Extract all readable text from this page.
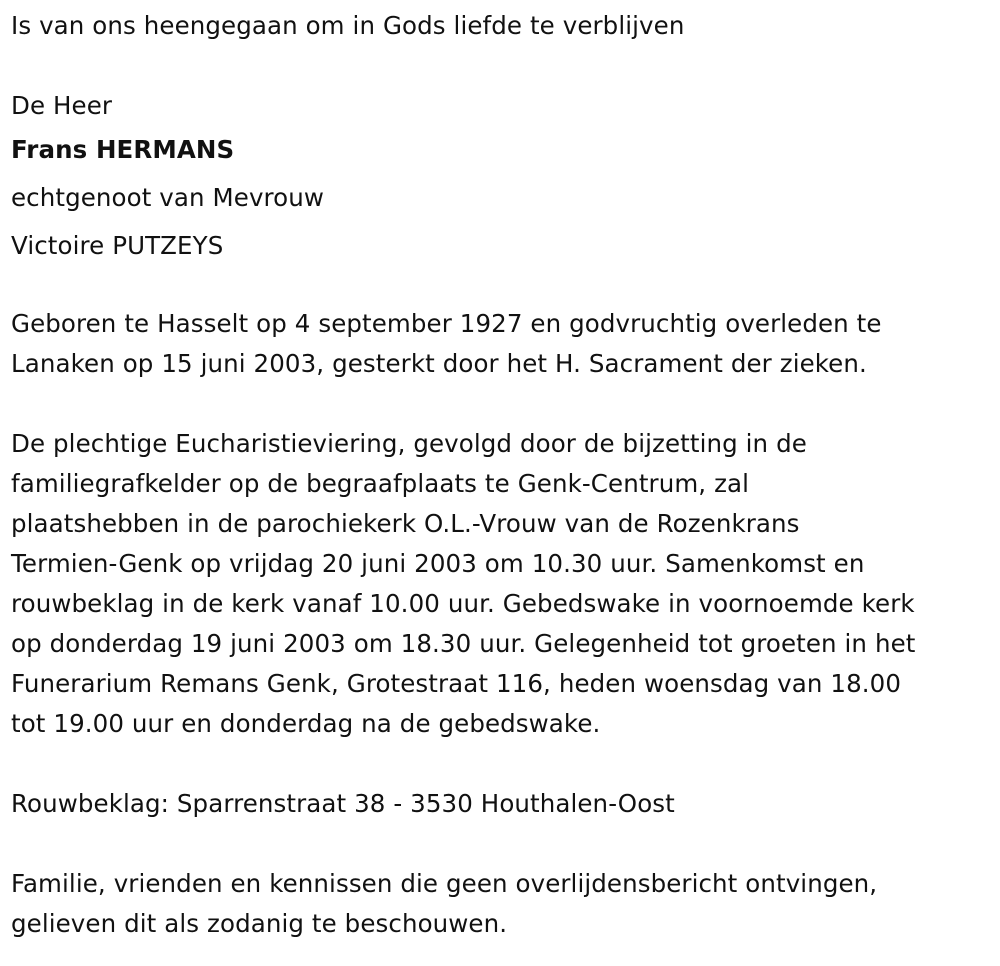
Is van ons heengegaan om in Gods liefde te verblijven
De Heer
Frans HERMANS
echtgenoot van Mevrouw
Victoire PUTZEYS
Geboren te Hasselt op 4 september 1927 en godvruchtig overleden te
Lanaken op 15 juni 2003, gesterkt door het H. Sacrament der zieken.
De plechtige Eucharistieviering, gevolgd door de bijzetting in de
familiegrafkelder op de begraafplaats te Genk-Centrum, zal
plaatshebben in de parochiekerk O.L.-Vrouw van de Rozenkrans
Termien-Genk op vrijdag 20 juni 2003 om 10.30 uur. Samenkomst en
rouwbeklag in de kerk vanaf 10.00 uur. Gebedswake in voornoemde kerk
op donderdag 19 juni 2003 om 18.30 uur. Gelegenheid tot groeten in het
Funerarium Remans Genk, Grotestraat 116, heden woensdag van 18.00
tot 19.00 uur en donderdag na de gebedswake.
Rouwbeklag: Sparrenstraat 38 - 3530 Houthalen-Oost
Familie, vrienden en kennissen die geen overlijdensbericht ontvingen,
gelieven dit als zodanig te beschouwen.
